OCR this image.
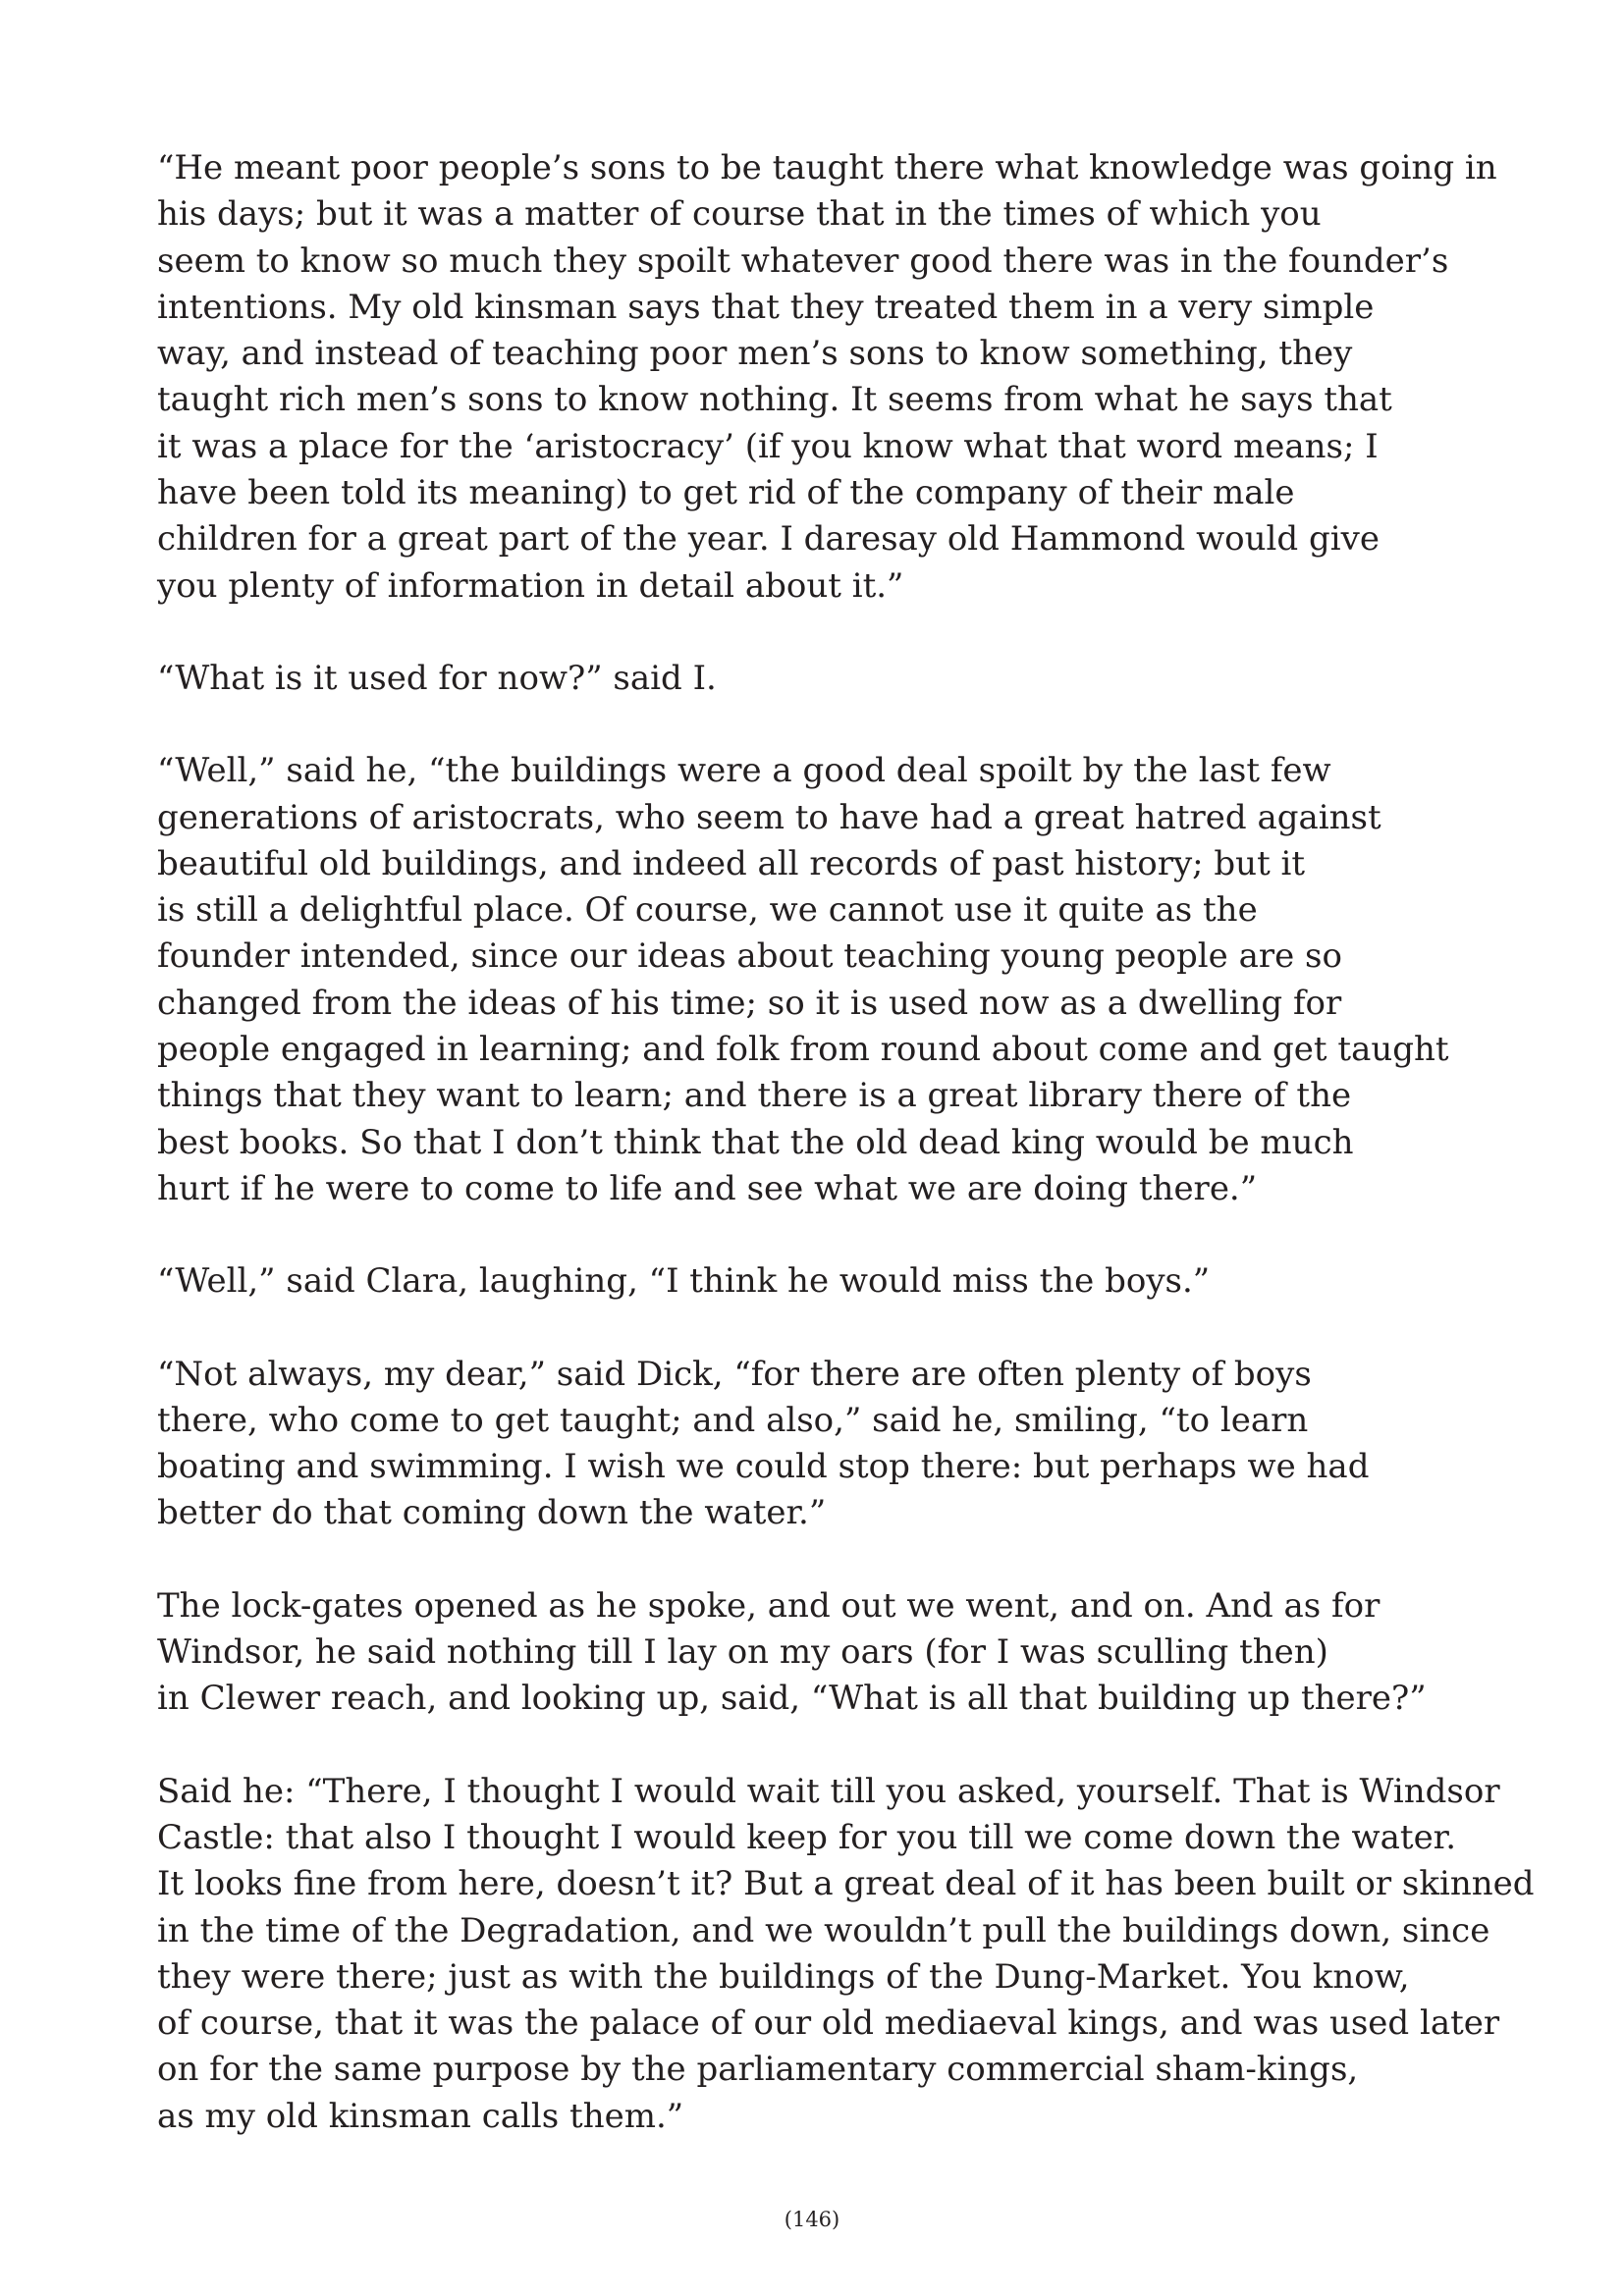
“He meant poor people’s sons to be taught there what knowledge was going in
his days; but it was a matter of course that in the times of which you
seem to know so much they spoilt whatever good there was in the founder’s
intentions. My old kinsman says that they treated them in a very simple
way, and instead of teaching poor men’s sons to know something, they
taught rich men’s sons to know nothing. It seems from what he says that
it was a place for the ‘aristocracy’ (if you know what that word means; I
have been told its meaning) to get rid of the company of their male
children for a great part of the year. I daresay old Hammond would give
you plenty of information in detail about it.”

“What is it used for now?” said I.

“Well,” said he, “the buildings were a good deal spoilt by the last few
generations of aristocrats, who seem to have had a great hatred against
beautiful old buildings, and indeed all records of past history; but it
is still a delightful place. Of course, we cannot use it quite as the
founder intended, since our ideas about teaching young people are so
changed from the ideas of his time; so it is used now as a dwelling for
people engaged in learning; and folk from round about come and get taught
things that they want to learn; and there is a great library there of the
best books. So that I don’t think that the old dead king would be much
hurt if he were to come to life and see what we are doing there.”

“Well,” said Clara, laughing, “I think he would miss the boys.”

“Not always, my dear,” said Dick, “for there are often plenty of boys
there, who come to get taught; and also,” said he, smiling, “to learn
boating and swimming. I wish we could stop there: but perhaps we had
better do that coming down the water.”

The lock-gates opened as he spoke, and out we went, and on. And as for
Windsor, he said nothing till I lay on my oars (for I was sculling then)
in Clewer reach, and looking up, said, “What is all that building up there?”

Said he: “There, I thought I would wait till you asked, yourself. That is Windsor
Castle: that also I thought I would keep for you till we come down the water.
It looks fine from here, doesn’t it? But a great deal of it has been built or skinned
in the time of the Degradation, and we wouldn’t pull the buildings down, since
they were there; just as with the buildings of the Dung-Market. You know,
of course, that it was the palace of our old mediaeval kings, and was used later
on for the same purpose by the parliamentary commercial sham-kings,
as my old kinsman calls them.”

(146)
